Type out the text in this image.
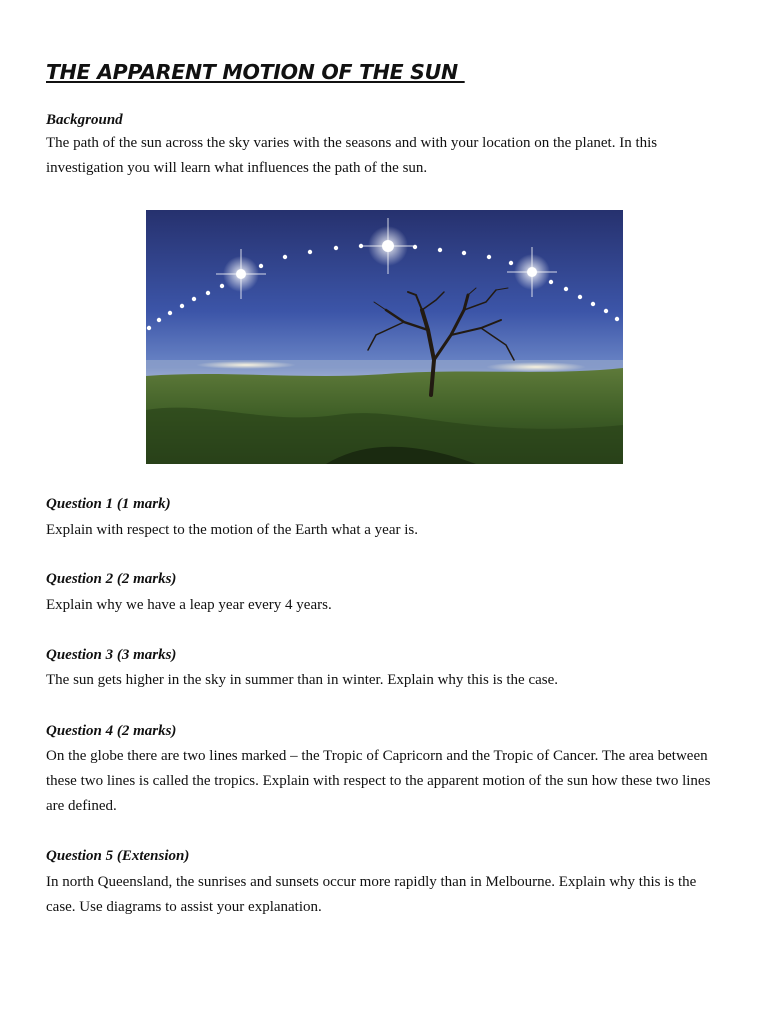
THE APPARENT MOTION OF THE SUN
Background
The path of the sun across the sky varies with the seasons and with your location on the planet. In this investigation you will learn what influences the path of the sun.
Question 1 (1 mark)
Explain with respect to the motion of the Earth what a year is.
Question 2 (2 marks)
Explain why we have a leap year every 4 years.
Question 3 (3 marks)
The sun gets higher in the sky in summer than in winter. Explain why this is the case.
Question 4 (2 marks)
On the globe there are two lines marked – the Tropic of Capricorn and the Tropic of Cancer. The area between these two lines is called the tropics. Explain with respect to the apparent motion of the sun how these two lines are defined.
Question 5 (Extension)
In north Queensland, the sunrises and sunsets occur more rapidly than in Melbourne. Explain why this is the case. Use diagrams to assist your explanation.
